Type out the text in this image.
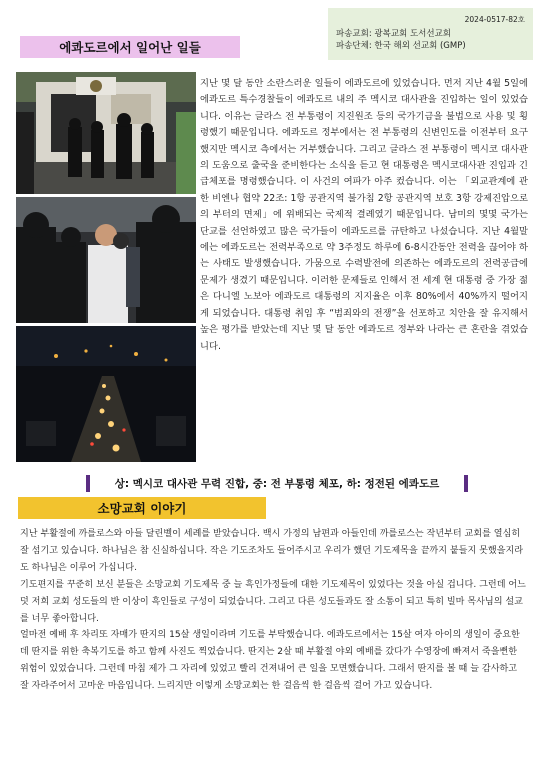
2024-0517-82호
파송교회: 광복교회 도서선교회
파송단체: 한국 해외 선교회 (GMP)
에콰도르에서 일어난 일들
지난 몇 달 동안 소란스러운 일들이 에콰도르에 있었습니다. 먼저 지난 4월 5일에 에콰도르 특수경찰들이 에콰도르 내의 주 멕시코 대사관을 진입하는 일이 있었습니다. 이유는 글라스 전 부통령이 지진원조 등의 국가기금을 불법으로 사용 및 횡령했기 때문입니다. 에콰도르 정부에서는 전 부통령의 신변인도를 이전부터 요구했지만 멕시코 측에서는 거부했습니다. 그리고 글라스 전 부통령이 멕시코 대사관의 도움으로 출국을 준비한다는 소식을 듣고 현 대통령은 멕시코대사관 진입과 긴급체포를 명령했습니다. 이 사건의 여파가 아주 컸습니다. 이는 「외교관계에 관한 비엔나 협약 22조: 1항 공관지역 불가침 2항 공관지역 보호 3항 강제진압으로의 부터의 면제」에 위배되는 국제적 결례였기 때문입니다. 남미의 몇몇 국가는 단교를 선언하였고 많은 국가들이 에콰도르를 규탄하고 나섰습니다. 지난 4월말에는 에콰도르는 전력부족으로 약 3주정도 하루에 6-8시간동안 전력을 끊어야 하는 사태도 발생했습니다. 가뭄으로 수력발전에 의존하는 에콰도르의 전력공급에 문제가 생겼기 때문입니다. 이러한 문제들로 인해서 전 세계 현 대통령 중 가장 젊은 다니엘 노보아 에콰도르 대통령의 지지율은 이후 80%에서 40%까지 떨어지게 되었습니다. 대통령 취임 후 “범죄와의 전쟁”을 선포하고 치안을 잘 유지해서 높은 평가를 받았는데 지난 몇 달 동안 에콰도르 정부와 나라는 큰 혼란을 겪었습니다.
상: 멕시코 대사관 무력 진합, 중: 전 부통령 체포, 하: 정전된 에콰도르
소망교회 이야기

지난 부활절에 까를로스와 아들 달린벨이 세례를 받았습니다. 백시 가정의 남편과 아들인데 까를로스는 작년부터 교회를 열심히 잘 섬기고 있습니다. 하나님은 참 신실하십니다. 작은 기도조차도 들어주시고 우리가 했던 기도제목을 끝까지 붙들지 못했을지라도 하나님은 이루어 가십니다.

기도편지를 꾸준히 보신 분들은 소망교회 기도제목 중 늘 흑인가정들에 대한 기도제목이 있었다는 것을 아실 겁니다. 그런데 어느덧 저희 교회 성도들의 반 이상이 흑인들로 구성이 되었습니다. 그리고 다른 성도들과도 잘 소통이 되고 특히 빌마 목사님의 설교를 너무 좋아합니다.

얼마전 예배 후 차리또 자매가 딴지의 15살 생일이라며 기도를 부탁했습니다. 에콰도르에서는 15살 여자 아이의 생일이 중요한데 딴지를 위한 축복기도를 하고 함께 사진도 찍었습니다. 딴지는 2살 때 부활절 야외 예배를 갔다가 수영장에 빠져서 죽을뻔한 위험이 있었습니다. 그런데 마침 제가 그 자리에 있었고 빨리 건져내어 큰 일을 모면했습니다. 그래서 딴지를 볼 때 늘 감사하고 잘 자라주어서 고마운 마음입니다. 느리지만 이렇게 소망교회는 한 걸음씩 한 걸음씩 걸어 가고 있습니다.
